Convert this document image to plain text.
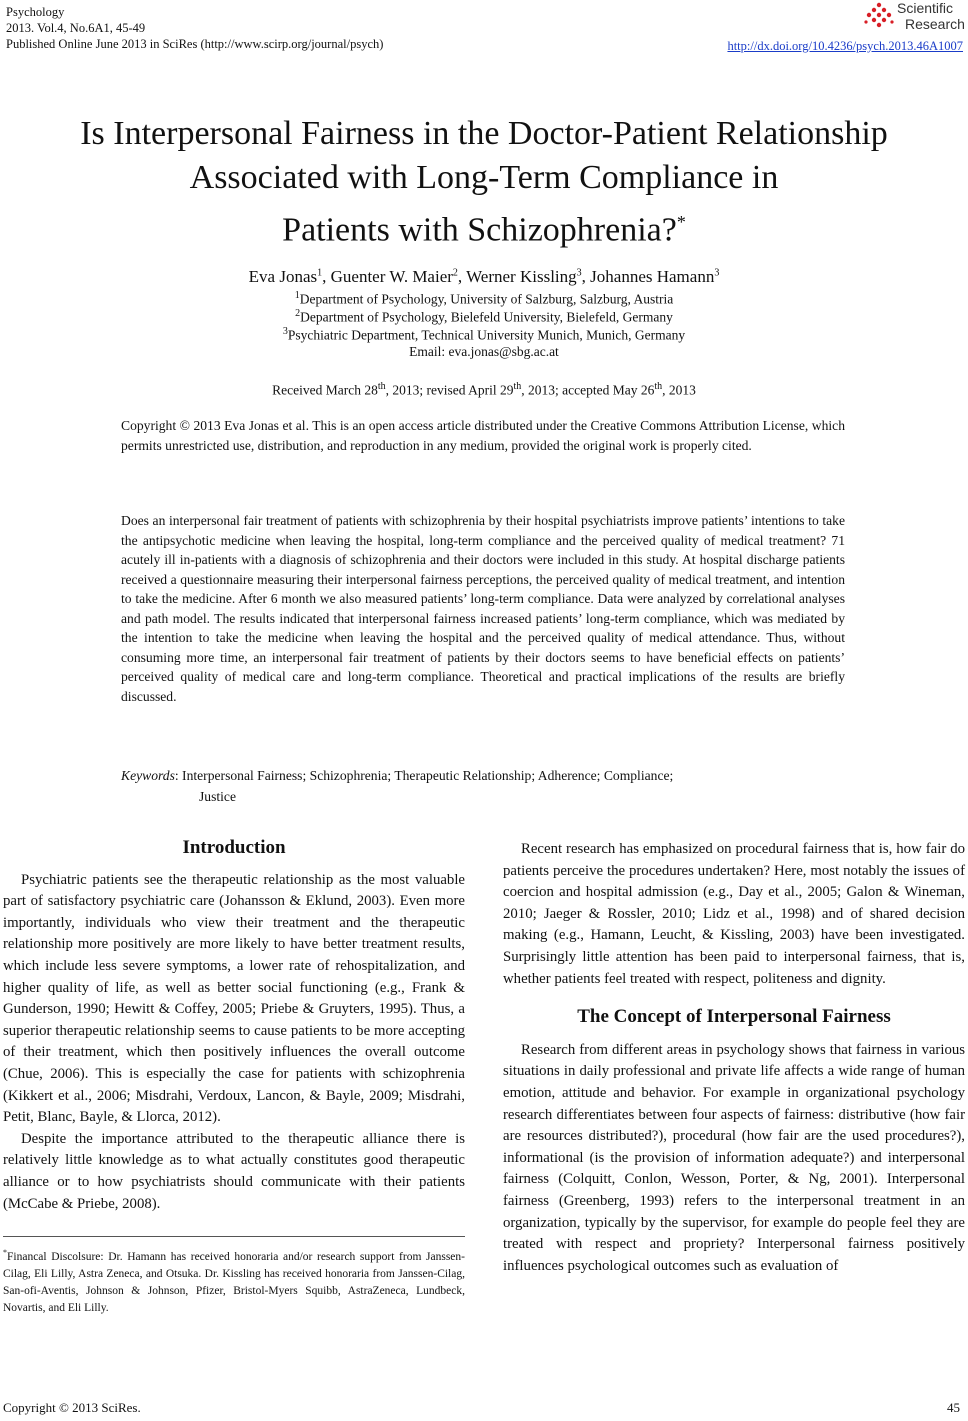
Psychology
2013. Vol.4, No.6A1, 45-49
Published Online June 2013 in SciRes (http://www.scirp.org/journal/psych)
Scientific
Research
http://dx.doi.org/10.4236/psych.2013.46A1007
Is Interpersonal Fairness in the Doctor-Patient Relationship
Associated with Long-Term Compliance in
Patients with Schizophrenia?*
Eva Jonas$^1$, Guenter W. Maier$^2$, Werner Kissling$^3$, Johannes Hamann$^3$
$^1$Department of Psychology, University of Salzburg, Salzburg, Austria
$^2$Department of Psychology, Bielefeld University, Bielefeld, Germany
$^3$Psychiatric Department, Technical University Munich, Munich, Germany
Email: eva.jonas@sbg.ac.at
Received March 28th, 2013; revised April 29th, 2013; accepted May 26th, 2013
Copyright © 2013 Eva Jonas et al. This is an open access article distributed under the Creative Commons Attribution License, which permits unrestricted use, distribution, and reproduction in any medium, provided the original work is properly cited.
Does an interpersonal fair treatment of patients with schizophrenia by their hospital psychiatrists improve patients’ intentions to take the antipsychotic medicine when leaving the hospital, long-term compliance and the perceived quality of medical treatment? 71 acutely ill in-patients with a diagnosis of schizophrenia and their doctors were included in this study. At hospital discharge patients received a questionnaire measuring their interpersonal fairness perceptions, the perceived quality of medical treatment, and intention to take the medicine. After 6 month we also measured patients’ long-term compliance. Data were analyzed by correlational analyses and path model. The results indicated that interpersonal fairness increased patients’ long-term compliance, which was mediated by the intention to take the medicine when leaving the hospital and the perceived quality of medical attendance. Thus, without consuming more time, an interpersonal fair treatment of patients by their doctors seems to have beneficial effects on patients’ perceived quality of medical care and long-term compliance. Theoretical and practical implications of the results are briefly discussed.
Keywords: Interpersonal Fairness; Schizophrenia; Therapeutic Relationship; Adherence; Compliance;
Justice

Introduction

Psychiatric patients see the therapeutic relationship as the most valuable part of satisfactory psychiatric care (Johansson & Eklund, 2003). Even more importantly, individuals who view their treatment and the therapeutic relationship more positively are more likely to have better treatment results, which include less severe symptoms, a lower rate of rehospitalization, and higher quality of life, as well as better social functioning (e.g., Frank & Gunderson, 1990; Hewitt & Coffey, 2005; Priebe & Gruyters, 1995). Thus, a superior therapeutic relationship seems to cause patients to be more accepting of their treatment, which then positively influences the overall outcome (Chue, 2006). This is especially the case for patients with schizophrenia (Kikkert et al., 2006; Misdrahi, Verdoux, Lancon, & Bayle, 2009; Misdrahi, Petit, Blanc, Bayle, & Llorca, 2012).

Despite the importance attributed to the therapeutic alliance there is relatively little knowledge as to what actually constitutes good therapeutic alliance or to how psychiatrists should communicate with their patients (McCabe & Priebe, 2008).

*Financal Discolsure: Dr. Hamann has received honoraria and/or research support from Janssen-Cilag, Eli Lilly, Astra Zeneca, and Otsuka. Dr. Kissling has received honoraria from Janssen-Cilag, San-ofi-Aventis, Johnson & Johnson, Pfizer, Bristol-Myers Squibb, AstraZeneca, Lundbeck, Novartis, and Eli Lilly.

Recent research has emphasized on procedural fairness that is, how fair do patients perceive the procedures undertaken? Here, most notably the issues of coercion and hospital admission (e.g., Day et al., 2005; Galon & Wineman, 2010; Jaeger & Rossler, 2010; Lidz et al., 1998) and of shared decision making (e.g., Hamann, Leucht, & Kissling, 2003) have been investigated. Surprisingly little attention has been paid to interpersonal fairness, that is, whether patients feel treated with respect, politeness and dignity.

The Concept of Interpersonal Fairness

Research from different areas in psychology shows that fairness in various situations in daily professional and private life affects a wide range of human emotion, attitude and behavior. For example in organizational psychology research differentiates between four aspects of fairness: distributive (how fair are resources distributed?), procedural (how fair are the used procedures?), informational (is the provision of information adequate?) and interpersonal fairness (Colquitt, Conlon, Wesson, Porter, & Ng, 2001). Interpersonal fairness (Greenberg, 1993) refers to the interpersonal treatment in an organization, typically by the supervisor, for example do people feel they are treated with respect and propriety? Interpersonal fairness positively influences psychological outcomes such as evaluation of

Copyright © 2013 SciRes.	45
